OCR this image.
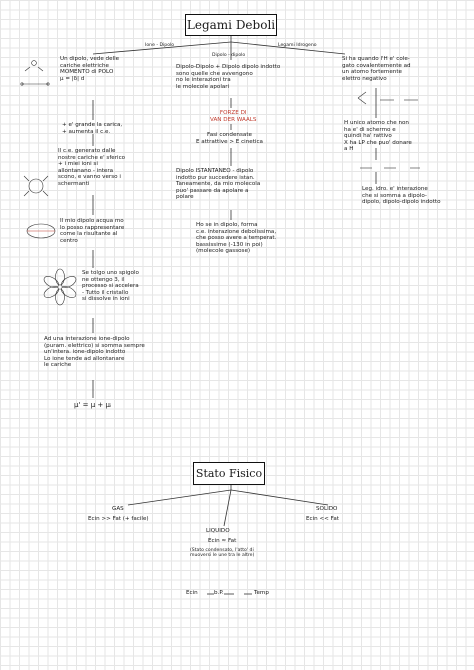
Legami Deboli
Ione - Dipolo
Dipolo - dipolo
Legami Idrogeno
Un dipolo, vede delle
cariche elettriche
MOMENTO di POLO
μ = |δ| d
+ e' grande la carica,
+ aumenta il c.e.
Il c.e. generato dalle
nostre cariche e' sferico
+ i miei ioni si
allontanano - intera
scono, e vanno verso i
schermanti
Il mio dipolo acqua mo
lo posso rappresentare
come la risultante al
centro
Se tolgo uno spigolo
ne ottengo 3, il
processo si accelera
- Tutto il cristallo
si dissolve in ioni
Ad una interazione ione-dipolo
(puram. elettrico) si somma sempre
un'intera. ione-dipolo indotto
Lo ione tende ad allontanare
le cariche
μ' = μ + μᵢ
Dipolo-Dipolo + Dipolo dipolo indotto
sono quelle che avvengono
no le interazioni tra
le molecole apolari
FORZE DI
VAN DER WAALS
Fasi condensate
E attrattive > E cinetica
Dipolo ISTANTANEO - dipolo
indotto pur succedere istan.
Taneamente, da mio molecola
puo' passare da apolare a
polare
Ho se in dipolo, forma
c.e. interazione debolissima,
che posso avere a temperat.
bassissime (-130 in poi)
(molecole gassose)
Si ha quando l'H e' cole-
gato covalentemente ad
un atomo fortemente
elettro negativo
H unico atomo che non
ha e' di schermo e
quindi ha' rattivo
X ha LP che puo' donare
a H
Leg. idro. e' interazione
che si somma a dipolo-
dipolo, dipolo-dipolo indotto
Stato Fisico
GAS
Ecin >> Fat (+ facile)
LIQUIDO
Ecin ≈ Fat
(Stato condensato, l'atto' di
muoversi le une tra le altre)
SOLIDO
Ecin << Fat
Ecin	b.P.	Temp
